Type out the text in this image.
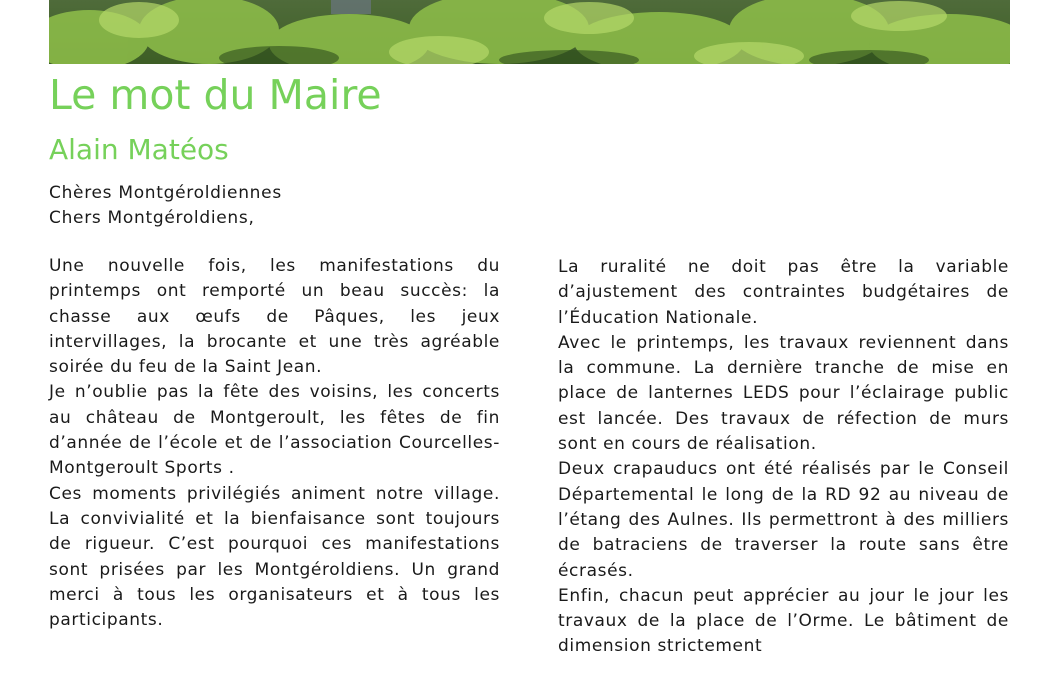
Le mot du Maire
Alain Matéos
Chères Montgéroldiennes
Chers Montgéroldiens,

Une nouvelle fois, les manifestations du printemps ont remporté un beau succès: la chasse aux œufs de Pâques, les jeux intervillages, la brocante et une très agréable soirée du feu de la Saint Jean.

Je n’oublie pas la fête des voisins, les concerts au château de Montgeroult, les fêtes de fin d’année de l’école et de l’association Courcelles-Montgeroult Sports .

Ces moments privilégiés animent notre village. La convivialité et la bienfaisance sont toujours de rigueur. C’est pourquoi ces manifestations sont prisées par les Montgéroldiens. Un grand merci à tous les organisateurs et à tous les participants.

La ruralité ne doit pas être la variable d’ajustement des contraintes budgétaires de l’Éducation Nationale.

Avec le printemps, les travaux reviennent dans la commune. La dernière tranche de mise en place de lanternes LEDS pour l’éclairage public est lancée. Des travaux de réfection de murs sont en cours de réalisation.

Deux crapauducs ont été réalisés par le Conseil Départemental le long de la RD 92 au niveau de l’étang des Aulnes. Ils permettront à des milliers de batraciens de traverser la route sans être écrasés.

Enfin, chacun peut apprécier au jour le jour les travaux de la place de l’Orme. Le bâtiment de dimension strictement
